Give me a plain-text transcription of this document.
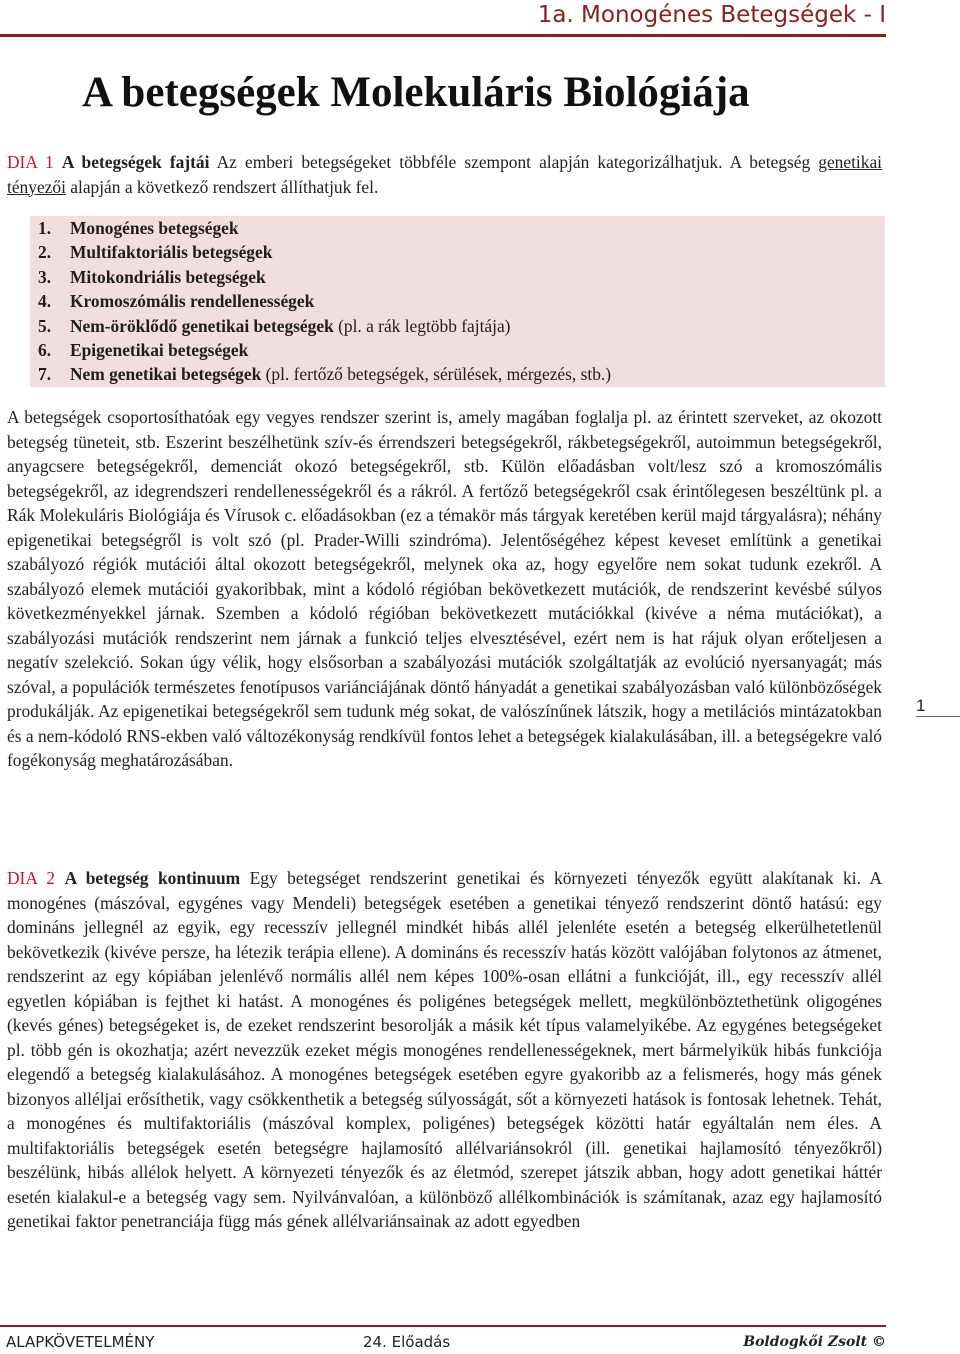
1a. Monogénes Betegségek - I
A betegségek Molekuláris Biológiája

DIA 1 A betegségek fajtái Az emberi betegségeket többféle szempont alapján kategorizálhatjuk. A betegség genetikai tényezői alapján a következő rendszert állíthatjuk fel.

1. Monogénes betegségek
2. Multifaktoriális betegségek
3. Mitokondriális betegségek
4. Kromoszómális rendellenességek
5. Nem-öröklődő genetikai betegségek (pl. a rák legtöbb fajtája)
6. Epigenetikai betegségek
7. Nem genetikai betegségek (pl. fertőző betegségek, sérülések, mérgezés, stb.)

A betegségek csoportosíthatóak egy vegyes rendszer szerint is, amely magában foglalja pl. az érintett szerveket, az okozott betegség tüneteit, stb. Eszerint beszélhetünk szív-és érrendszeri betegségekről, rákbetegségekről, autoimmun betegségekről, anyagcsere betegségekről, demenciát okozó betegségekről, stb. Külön előadásban volt/lesz szó a kromoszómális betegségekről, az idegrendszeri rendellenességekről és a rákról. A fertőző betegségekről csak érintőlegesen beszéltünk pl. a Rák Molekuláris Biológiája és Vírusok c. előadásokban (ez a témakör más tárgyak keretében kerül majd tárgyalásra); néhány epigenetikai betegségről is volt szó (pl. Prader-Willi szindróma). Jelentőségéhez képest keveset említünk a genetikai szabályozó régiók mutációi által okozott betegségekről, melynek oka az, hogy egyelőre nem sokat tudunk ezekről. A szabályozó elemek mutációi gyakoribbak, mint a kódoló régióban bekövetkezett mutációk, de rendszerint kevésbé súlyos következményekkel járnak. Szemben a kódoló régióban bekövetkezett mutációkkal (kivéve a néma mutációkat), a szabályozási mutációk rendszerint nem járnak a funkció teljes elvesztésével, ezért nem is hat rájuk olyan erőteljesen a negatív szelekció. Sokan úgy vélik, hogy elsősorban a szabályozási mutációk szolgáltatják az evolúció nyersanyagát; más szóval, a populációk természetes fenotípusos variánciájának döntő hányadát a genetikai szabályozásban való különbözőségek produkálják. Az epigenetikai betegségekről sem tudunk még sokat, de valószínűnek látszik, hogy a metilációs mintázatokban és a nem-kódoló RNS-ekben való változékonyság rendkívül fontos lehet a betegségek kialakulásában, ill. a betegségekre való fogékonyság meghatározásában.

DIA 2 A betegség kontinuum Egy betegséget rendszerint genetikai és környezeti tényezők együtt alakítanak ki. A monogénes (mászóval, egygénes vagy Mendeli) betegségek esetében a genetikai tényező rendszerint döntő hatású: egy domináns jellegnél az egyik, egy recesszív jellegnél mindkét hibás allél jelenléte esetén a betegség elkerülhetetlenül bekövetkezik (kivéve persze, ha létezik terápia ellene). A domináns és recesszív hatás között valójában folytonos az átmenet, rendszerint az egy kópiában jelenlévő normális allél nem képes 100%-osan ellátni a funkcióját, ill., egy recesszív allél egyetlen kópiában is fejthet ki hatást. A monogénes és poligénes betegségek mellett, megkülönböztethetünk oligogénes (kevés génes) betegségeket is, de ezeket rendszerint besorolják a másik két típus valamelyikébe. Az egygénes betegségeket pl. több gén is okozhatja; azért nevezzük ezeket mégis monogénes rendellenességeknek, mert bármelyikük hibás funkciója elegendő a betegség kialakulásához. A monogénes betegségek esetében egyre gyakoribb az a felismerés, hogy más gének bizonyos alléljai erősíthetik, vagy csökkenthetik a betegség súlyosságát, sőt a környezeti hatások is fontosak lehetnek. Tehát, a monogénes és multifaktoriális (mászóval komplex, poligénes) betegségek közötti határ egyáltalán nem éles. A multifaktoriális betegségek esetén betegségre hajlamosító allélvariánsokról (ill. genetikai hajlamosító tényezőkről) beszélünk, hibás allélok helyett. A környezeti tényezők és az életmód, szerepet játszik abban, hogy adott genetikai háttér esetén kialakul-e a betegség vagy sem. Nyilvánvalóan, a különböző allélkombinációk is számítanak, azaz egy hajlamosító genetikai faktor penetranciája függ más gének allélvariánsainak az adott egyedben

1
ALAPKÖVETELMÉNY	24. Előadás	Boldogkői Zsolt ©
